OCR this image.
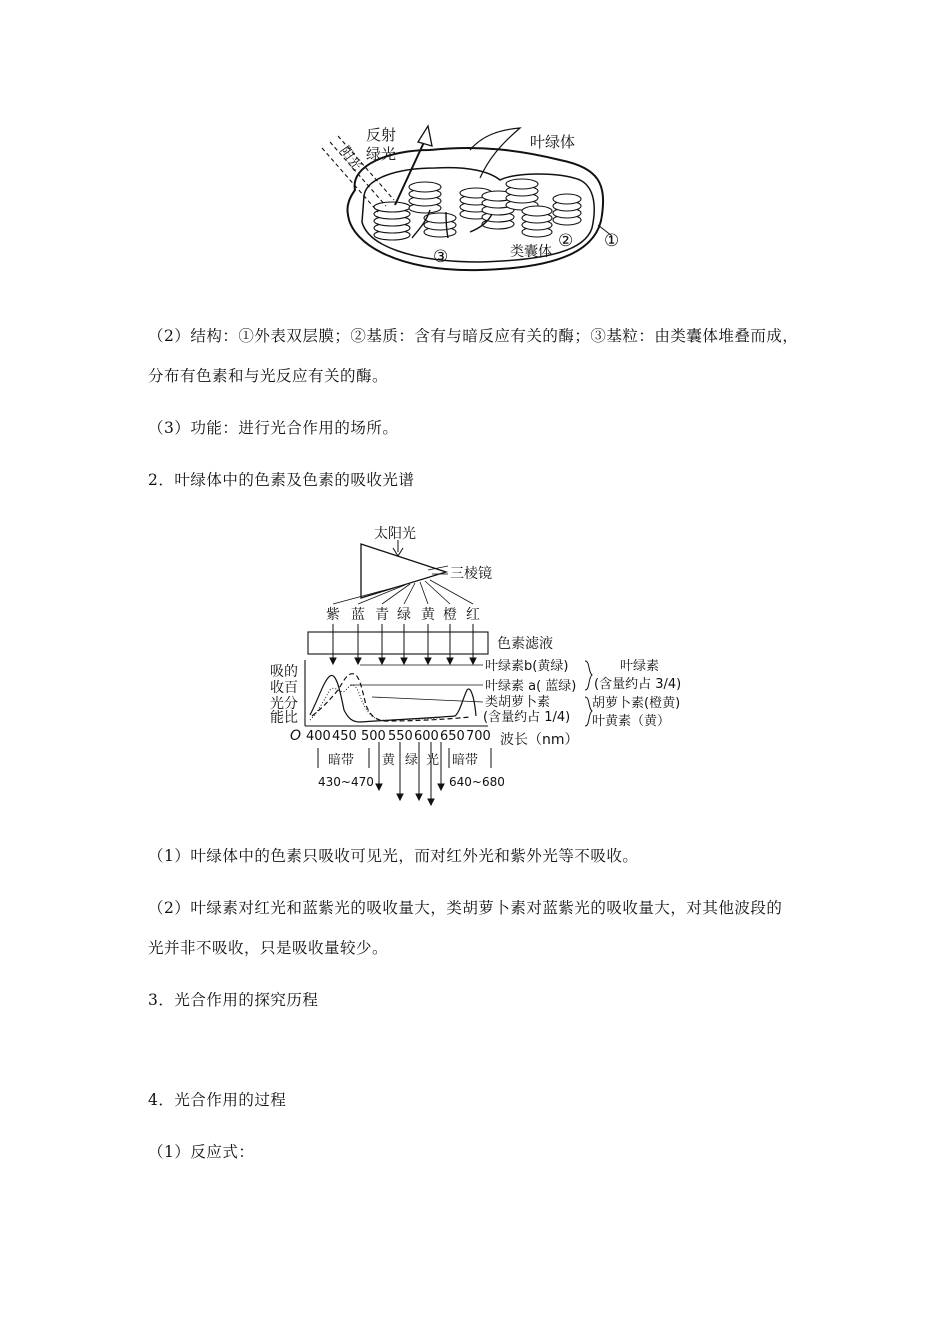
反射
绿光
叶绿体
阳光
类囊体
①
②
③
（2）结构：①外表双层膜；②基质：含有与暗反应有关的酶；③基粒：由类囊体堆叠而成，
分布有色素和与光反应有关的酶。
（3）功能：进行光合作用的场所。
2．叶绿体中的色素及色素的吸收光谱
太阳光
三棱镜
紫 蓝 青 绿 黄 橙 红
色素滤液
吸的
收百
光分
能比
O 400 450 500 550 600 650 700 波长（nm）
叶绿素b(黄绿)
叶绿素 a( 蓝绿)
类胡萝卜素
(含量约占 1/4)
叶绿素
(含量约占 3/4)
胡萝卜素(橙黄)
叶黄素（黄）
暗带
430~470
暗带
640~680
黄 绿 光
（1）叶绿体中的色素只吸收可见光，而对红外光和紫外光等不吸收。
（2）叶绿素对红光和蓝紫光的吸收量大，类胡萝卜素对蓝紫光的吸收量大，对其他波段的
光并非不吸收，只是吸收量较少。
3．光合作用的探究历程
4．光合作用的过程
（1）反应式：
